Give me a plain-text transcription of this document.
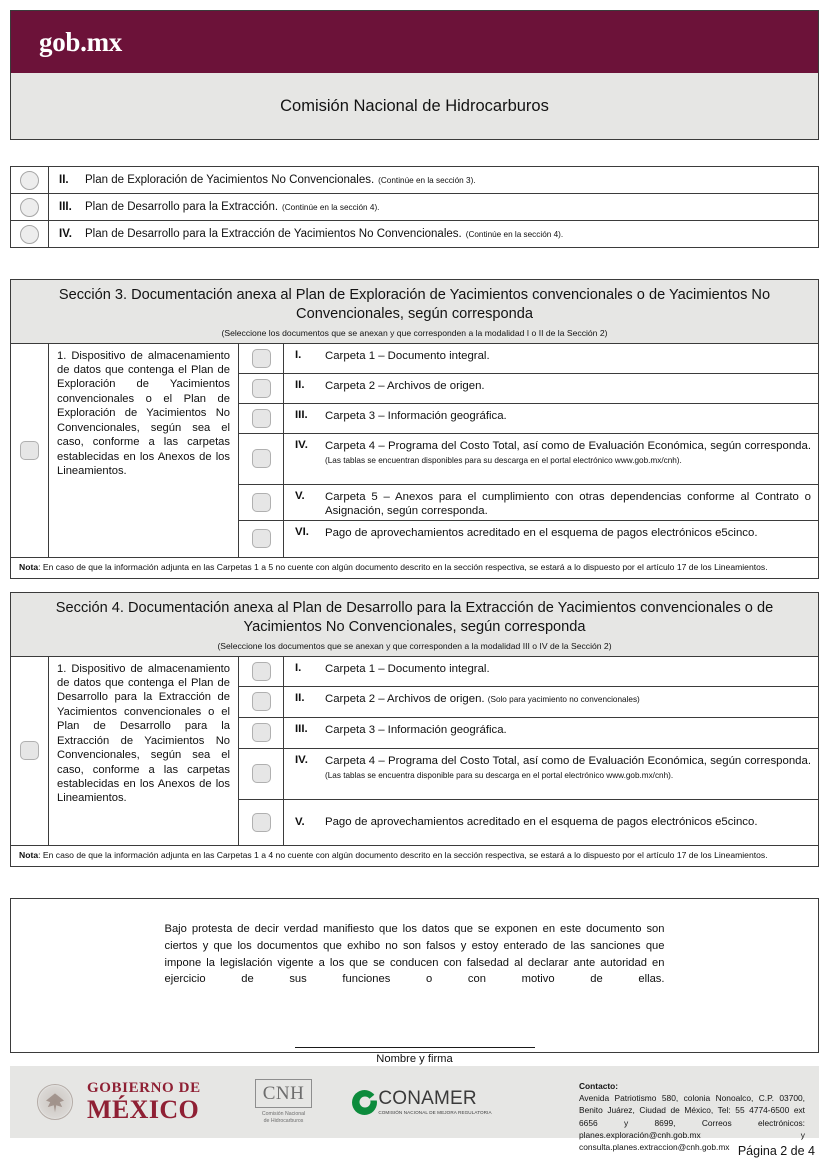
gob.mx
Comisión Nacional de Hidrocarburos
II.	Plan de Exploración de Yacimientos No Convencionales. (Continúe en la sección 3).
III.	Plan de Desarrollo para la Extracción. (Continúe en la sección 4).
IV.	Plan de Desarrollo para la Extracción de Yacimientos No Convencionales. (Continúe en la sección 4).
Sección 3. Documentación anexa al Plan de Exploración de Yacimientos convencionales o de Yacimientos No Convencionales, según corresponda
(Seleccione los documentos que se anexan y que corresponden a la modalidad I o II de la Sección 2)
1. Dispositivo de almacenamiento de datos que contenga el Plan de Exploración de Yacimientos convencionales o el Plan de Exploración de Yacimientos No Convencionales, según sea el caso, conforme a las carpetas establecidas en los Anexos de los Lineamientos.
I.	Carpeta 1 – Documento integral.
II.	Carpeta 2 – Archivos de origen.
III.	Carpeta 3 – Información geográfica.
IV.	Carpeta 4 – Programa del Costo Total, así como de Evaluación Económica, según corresponda. (Las tablas se encuentran disponibles para su descarga en el portal electrónico www.gob.mx/cnh).
V.	Carpeta 5 – Anexos para el cumplimiento con otras dependencias conforme al Contrato o Asignación, según corresponda.
VI.	Pago de aprovechamientos acreditado en el esquema de pagos electrónicos e5cinco.
Nota: En caso de que la información adjunta en las Carpetas 1 a 5 no cuente con algún documento descrito en la sección respectiva, se estará a lo dispuesto por el artículo 17 de los Lineamientos.
Sección 4. Documentación anexa al Plan de Desarrollo para la Extracción de Yacimientos convencionales o de Yacimientos No Convencionales, según corresponda
(Seleccione los documentos que se anexan y que corresponden a la modalidad III o IV de la Sección 2)
1. Dispositivo de almacenamiento de datos que contenga el Plan de Desarrollo para la Extracción de Yacimientos convencionales o el Plan de Desarrollo para la Extracción de Yacimientos No Convencionales, según sea el caso, conforme a las carpetas establecidas en los Anexos de los Lineamientos.
I.	Carpeta 1 – Documento integral.
II.	Carpeta 2 – Archivos de origen. (Solo para yacimiento no convencionales)
III.	Carpeta 3 – Información geográfica.
IV.	Carpeta 4 – Programa del Costo Total, así como de Evaluación Económica, según corresponda. (Las tablas se encuentra disponible para su descarga en el portal electrónico www.gob.mx/cnh).
V.	Pago de aprovechamientos acreditado en el esquema de pagos electrónicos e5cinco.
Nota: En caso de que la información adjunta en las Carpetas 1 a 4 no cuente con algún documento descrito en la sección respectiva, se estará a lo dispuesto por el artículo 17 de los Lineamientos.
Bajo protesta de decir verdad manifiesto que los datos que se exponen en este documento son ciertos y que los documentos que exhibo no son falsos y estoy enterado de las sanciones que impone la legislación vigente a los que se conducen con falsedad al declarar ante autoridad en ejercicio de sus funciones o con motivo de ellas.
Nombre y firma
GOBIERNO DE
MÉXICO
CNH
Comisión Nacional
de Hidrocarburos
CONAMER
COMISIÓN NACIONAL DE MEJORA REGULATORIA
Contacto:
Avenida Patriotismo 580, colonia Nonoalco, C.P. 03700, Benito Juárez, Ciudad de México, Tel: 55 4774-6500 ext 6656 y 8699, Correos electrónicos: planes.exploración@cnh.gob.mx y consulta.planes.extraccion@cnh.gob.mx Página 2 de 4
